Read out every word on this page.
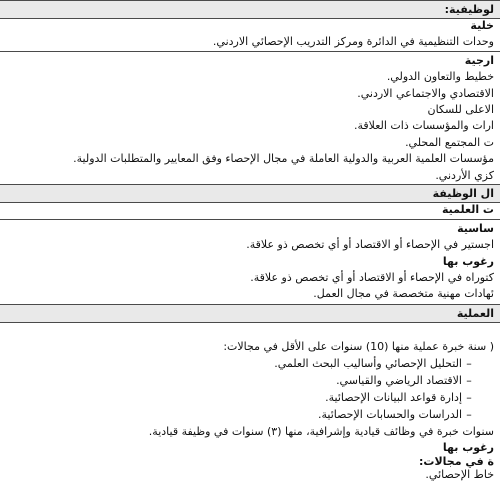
لوظيفية:
خلية
وحدات التنظيمية في الدائرة ومركز التدريب الإحصائي الاردني.
ارجية
خطيط والتعاون الدولي.
الاقتصادي والاجتماعي الاردني.
الاعلى للسكان
ارات والمؤسسات ذات العلاقة.
ت المجتمع المحلي.
مؤسسات العلمية العربية والدولية العاملة في مجال الإحصاء وفق المعايير والمتطلبات الدولية.
كزي الأردني.
ال الوظيفة
ت العلمية
ساسية
اجستير في الإحصاء أو الاقتصاد أو أي تخصص ذو علاقة.
رغوب بها
كتوراه في الإحصاء أو الاقتصاد أو أي تخصص ذو علاقة.
ئهادات مهنية متخصصة في مجال العمل.
العملية
( سنة خبرة عملية منها (10) سنوات على الأقل في مجالات:
–التحليل الإحصائي وأساليب البحث العلمي.
–الاقتصاد الرياضي والقياسي.
–إدارة قواعد البيانات الإحصائية.
–الدراسات والحسابات الإحصائية.
سنوات خبرة في وظائف قيادية وإشرافية، منها (٣) سنوات في وظيفة قيادية.
رغوب بها
ة في مجالات:
خاط الإحصائي.
